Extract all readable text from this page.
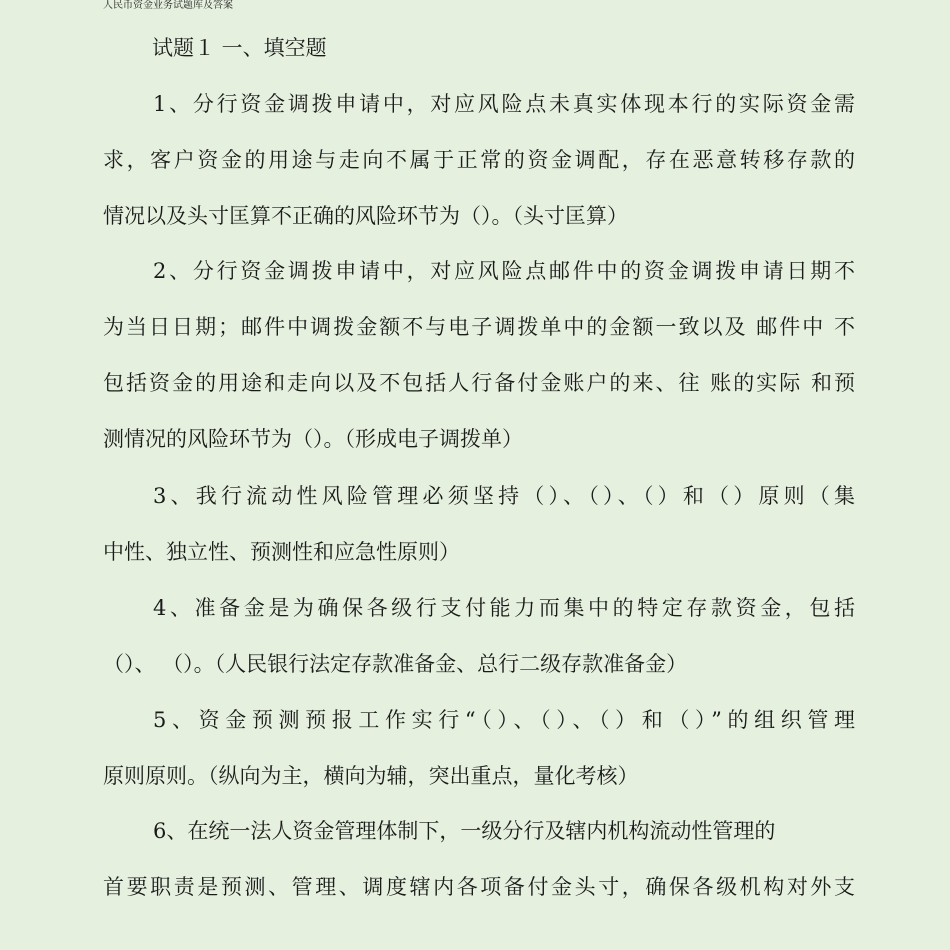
人民币资金业务试题库及答案
试题１ 一、填空题
1、分行资金调拨申请中，对应风险点未真实体现本行的实际资金需
求，客户资金的用途与走向不属于正常的资金调配，存在恶意转移存款的
情况以及头寸匡算不正确的风险环节为（）。（头寸匡算）
2、分行资金调拨申请中，对应风险点邮件中的资金调拨申请日期不
为当日日期；邮件中调拨金额不与电子调拨单中的金额一致以及 邮件中 不
包括资金的用途和走向以及不包括人行备付金账户的来、往 账的实际 和预
测情况的风险环节为（）。（形成电子调拨单）
3、我行流动性风险管理必须坚持（）、（）、（）和（）原则（集
中性、独立性、预测性和应急性原则）
4、准备金是为确保各级行支付能力而集中的特定存款资金，包括
（）、 （）。（人民银行法定存款准备金、总行二级存款准备金）
5、资金预测预报工作实行“（）、（）、（）和（）”的组织管理
原则原则。（纵向为主，横向为辅，突出重点，量化考核）
6、在统一法人资金管理体制下，一级分行及辖内机构流动性管理的
首要职责是预测、管理、调度辖内各项备付金头寸，确保各级机构对外支
